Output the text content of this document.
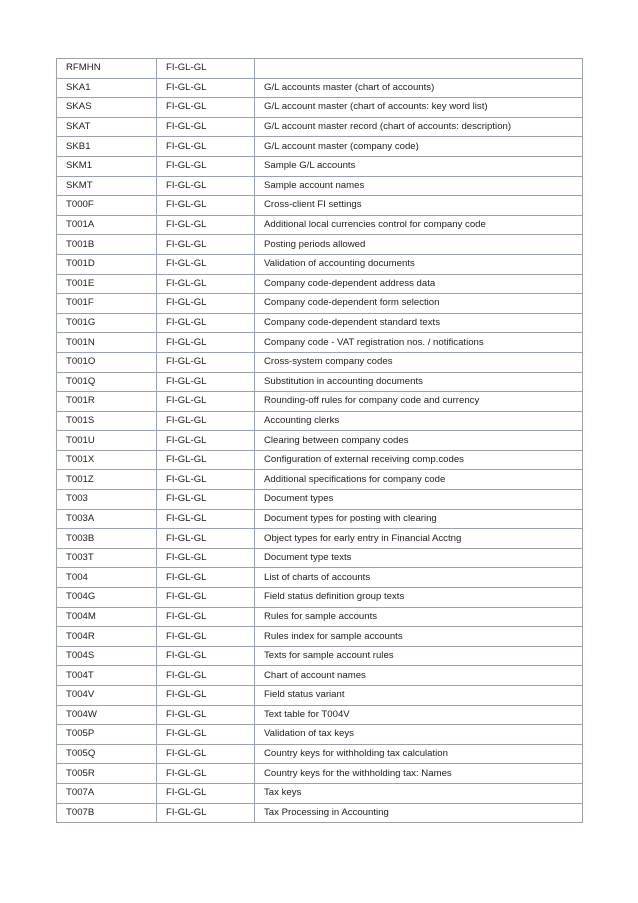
RFMHN	FI-GL-GL	
SKA1	FI-GL-GL	G/L accounts master (chart of accounts)
SKAS	FI-GL-GL	G/L account master (chart of accounts: key word list)
SKAT	FI-GL-GL	G/L account master record (chart of accounts: description)
SKB1	FI-GL-GL	G/L account master (company code)
SKM1	FI-GL-GL	Sample G/L accounts
SKMT	FI-GL-GL	Sample account names
T000F	FI-GL-GL	Cross-client FI settings
T001A	FI-GL-GL	Additional local currencies control for company code
T001B	FI-GL-GL	Posting periods allowed
T001D	FI-GL-GL	Validation of accounting documents
T001E	FI-GL-GL	Company code-dependent address data
T001F	FI-GL-GL	Company code-dependent form selection
T001G	FI-GL-GL	Company code-dependent standard texts
T001N	FI-GL-GL	Company code - VAT registration nos. / notifications
T001O	FI-GL-GL	Cross-system company codes
T001Q	FI-GL-GL	Substitution in accounting documents
T001R	FI-GL-GL	Rounding-off rules for company code and currency
T001S	FI-GL-GL	Accounting clerks
T001U	FI-GL-GL	Clearing between company codes
T001X	FI-GL-GL	Configuration of external receiving comp.codes
T001Z	FI-GL-GL	Additional specifications for company code
T003	FI-GL-GL	Document types
T003A	FI-GL-GL	Document types for posting with clearing
T003B	FI-GL-GL	Object types for early entry in Financial Acctng
T003T	FI-GL-GL	Document type texts
T004	FI-GL-GL	List of charts of accounts
T004G	FI-GL-GL	Field status definition group texts
T004M	FI-GL-GL	Rules for sample accounts
T004R	FI-GL-GL	Rules index for sample accounts
T004S	FI-GL-GL	Texts for sample account rules
T004T	FI-GL-GL	Chart of account names
T004V	FI-GL-GL	Field status variant
T004W	FI-GL-GL	Text table for T004V
T005P	FI-GL-GL	Validation of tax keys
T005Q	FI-GL-GL	Country keys for withholding tax calculation
T005R	FI-GL-GL	Country keys for the withholding tax: Names
T007A	FI-GL-GL	Tax keys
T007B	FI-GL-GL	Tax Processing in Accounting
